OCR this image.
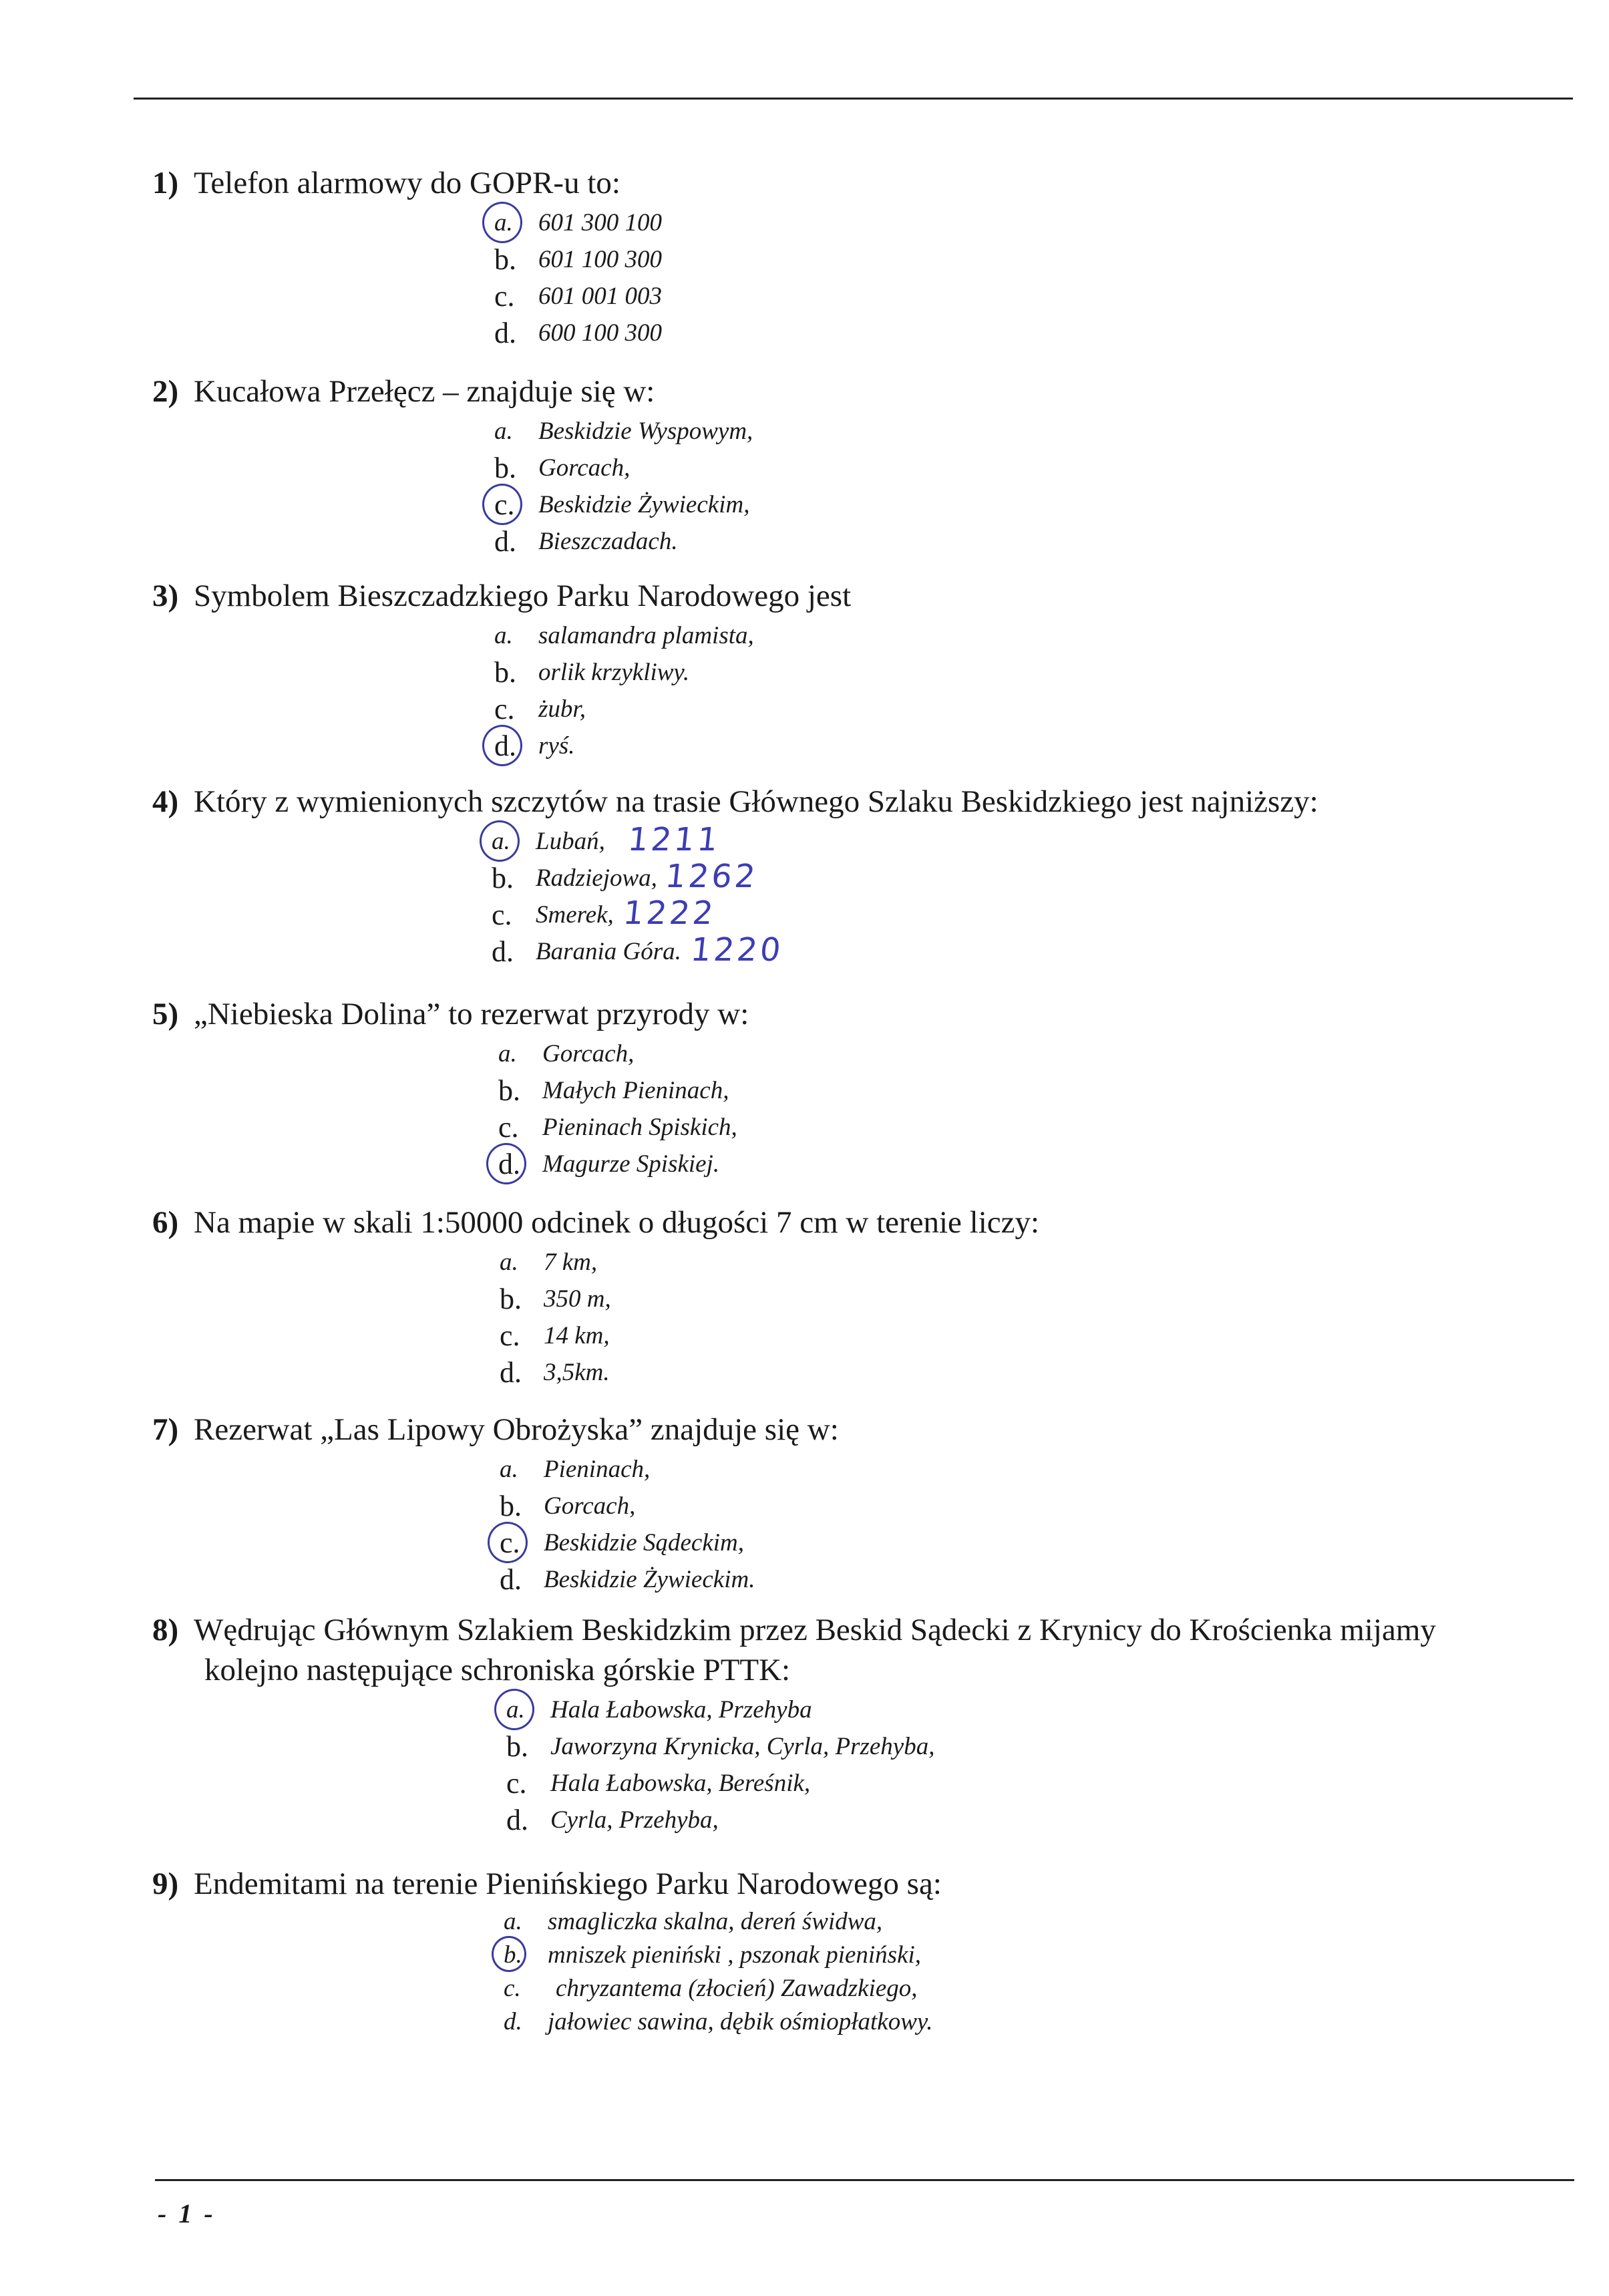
1) Telefon alarmowy do GOPR-u to:
a.	601 300 100
b. 601 100 300
c. 601 001 003
d. 600 100 300
2) Kucałowa Przełęcz – znajduje się w:
a.	Beskidzie Wyspowym,
b. Gorcach,
c. Beskidzie Żywieckim,
d. Bieszczadach.
3) Symbolem Bieszczadzkiego Parku Narodowego jest
a.	salamandra plamista,
b. orlik krzykliwy.
c. żubr,
d. ryś.
4) Który z wymienionych szczytów na trasie Głównego Szlaku Beskidzkiego jest najniższy:
a.	Lubań, 1211
b. Radziejowa, 1262
c. Smerek, 1222
d. Barania Góra. 1220
5) „Niebieska Dolina” to rezerwat przyrody w:
a.	Gorcach,
b. Małych Pieninach,
c. Pieninach Spiskich,
d. Magurze Spiskiej.
6) Na mapie w skali 1:50000 odcinek o długości 7 cm w terenie liczy:
a.	7 km,
b. 350 m,
c. 14 km,
d. 3,5km.
7) Rezerwat „Las Lipowy Obrożyska” znajduje się w:
a.	Pieninach,
b. Gorcach,
c. Beskidzie Sądeckim,
d. Beskidzie Żywieckim.
8) Wędrując Głównym Szlakiem Beskidzkim przez Beskid Sądecki z Krynicy do Krościenka mijamy
kolejno następujące schroniska górskie PTTK:
a.	Hala Łabowska, Przehyba
b. Jaworzyna Krynicka, Cyrla, Przehyba,
c. Hala Łabowska, Bereśnik,
d. Cyrla, Przehyba,
9) Endemitami na terenie Pienińskiego Parku Narodowego są:
a.	smagliczka skalna, dereń świdwa,
b.	mniszek pieniński , pszonak pieniński,
c.	chryzantema (złocień) Zawadzkiego,
d.	jałowiec sawina, dębik ośmiopłatkowy.
- 1 -
